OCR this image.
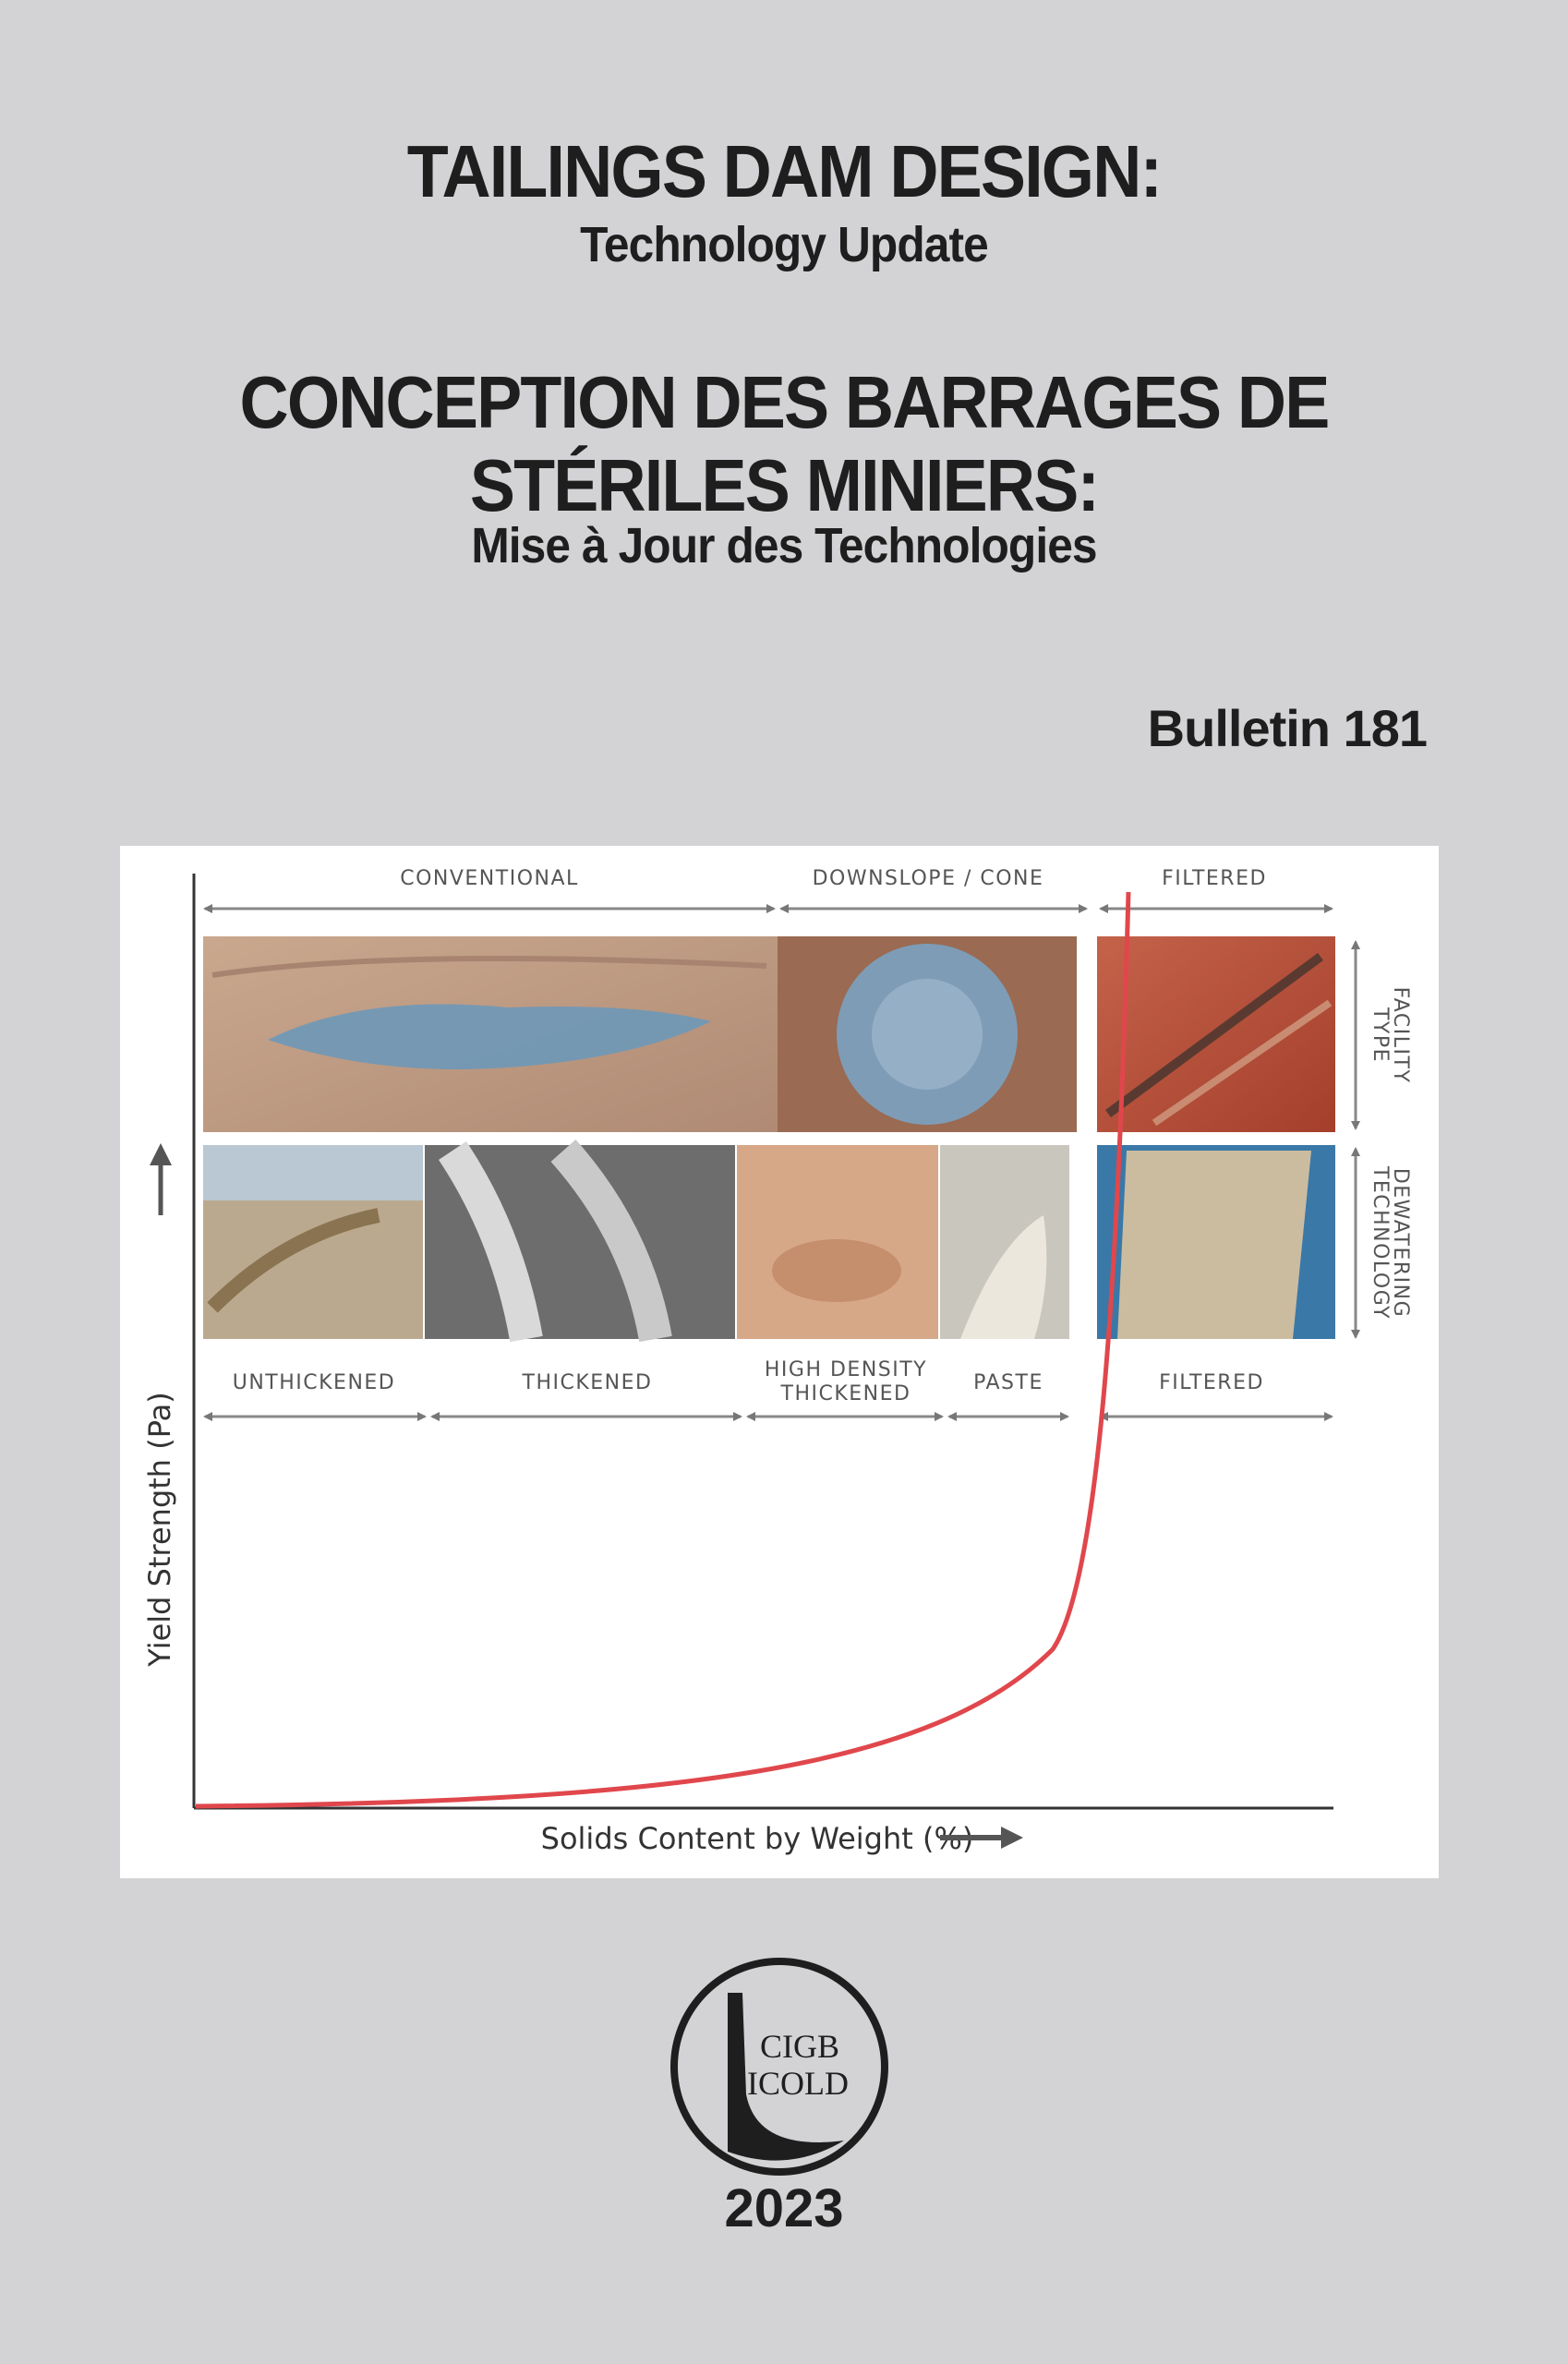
TAILINGS DAM DESIGN:
Technology Update
CONCEPTION DES BARRAGES DE
STÉRILES MINIERS:
Mise à Jour des Technologies
Bulletin 181
CONVENTIONAL	DOWNSLOPE / CONE	FILTERED
FACILITY
TYPE
DEWATERING
TECHNOLOGY
UNTHICKENED	THICKENED
HIGH DENSITY
THICKENED	PASTE	FILTERED
Yield Strength (Pa)
Solids Content by Weight (%)
CIGB
ICOLD
2023
